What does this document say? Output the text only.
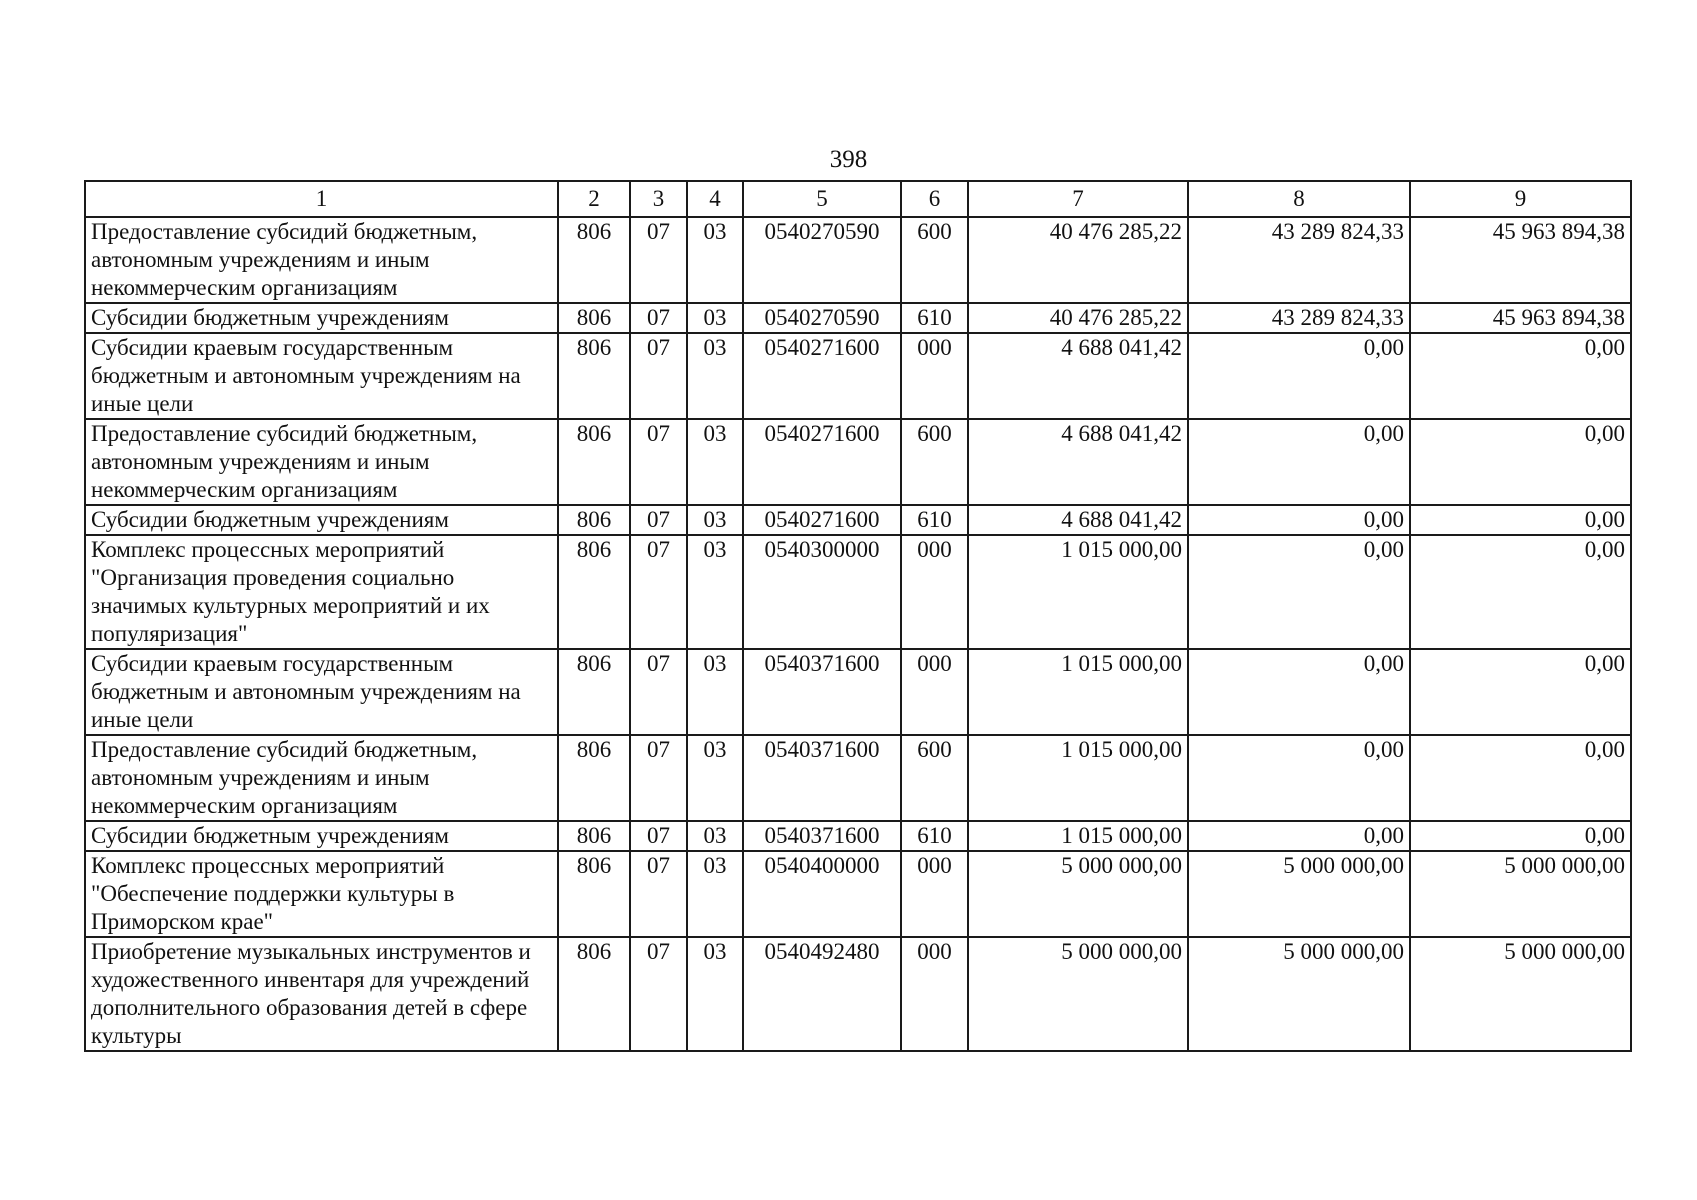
398
1	2	3	4	5	6	7	8	9
Предоставление субсидий бюджетным, автономным учреждениям и иным некоммерческим организациям	806	07	03	0540270590	600	40 476 285,22	43 289 824,33	45 963 894,38
Субсидии бюджетным учреждениям	806	07	03	0540270590	610	40 476 285,22	43 289 824,33	45 963 894,38
Субсидии краевым государственным бюджетным и автономным учреждениям на иные цели	806	07	03	0540271600	000	4 688 041,42	0,00	0,00
Предоставление субсидий бюджетным, автономным учреждениям и иным некоммерческим организациям	806	07	03	0540271600	600	4 688 041,42	0,00	0,00
Субсидии бюджетным учреждениям	806	07	03	0540271600	610	4 688 041,42	0,00	0,00
Комплекс процессных мероприятий "Организация проведения социально значимых культурных мероприятий и их популяризация"	806	07	03	0540300000	000	1 015 000,00	0,00	0,00
Субсидии краевым государственным бюджетным и автономным учреждениям на иные цели	806	07	03	0540371600	000	1 015 000,00	0,00	0,00
Предоставление субсидий бюджетным, автономным учреждениям и иным некоммерческим организациям	806	07	03	0540371600	600	1 015 000,00	0,00	0,00
Субсидии бюджетным учреждениям	806	07	03	0540371600	610	1 015 000,00	0,00	0,00
Комплекс процессных мероприятий "Обеспечение поддержки культуры в Приморском крае"	806	07	03	0540400000	000	5 000 000,00	5 000 000,00	5 000 000,00
Приобретение музыкальных инструментов и художественного инвентаря для учреждений дополнительного образования детей в сфере культуры	806	07	03	0540492480	000	5 000 000,00	5 000 000,00	5 000 000,00
